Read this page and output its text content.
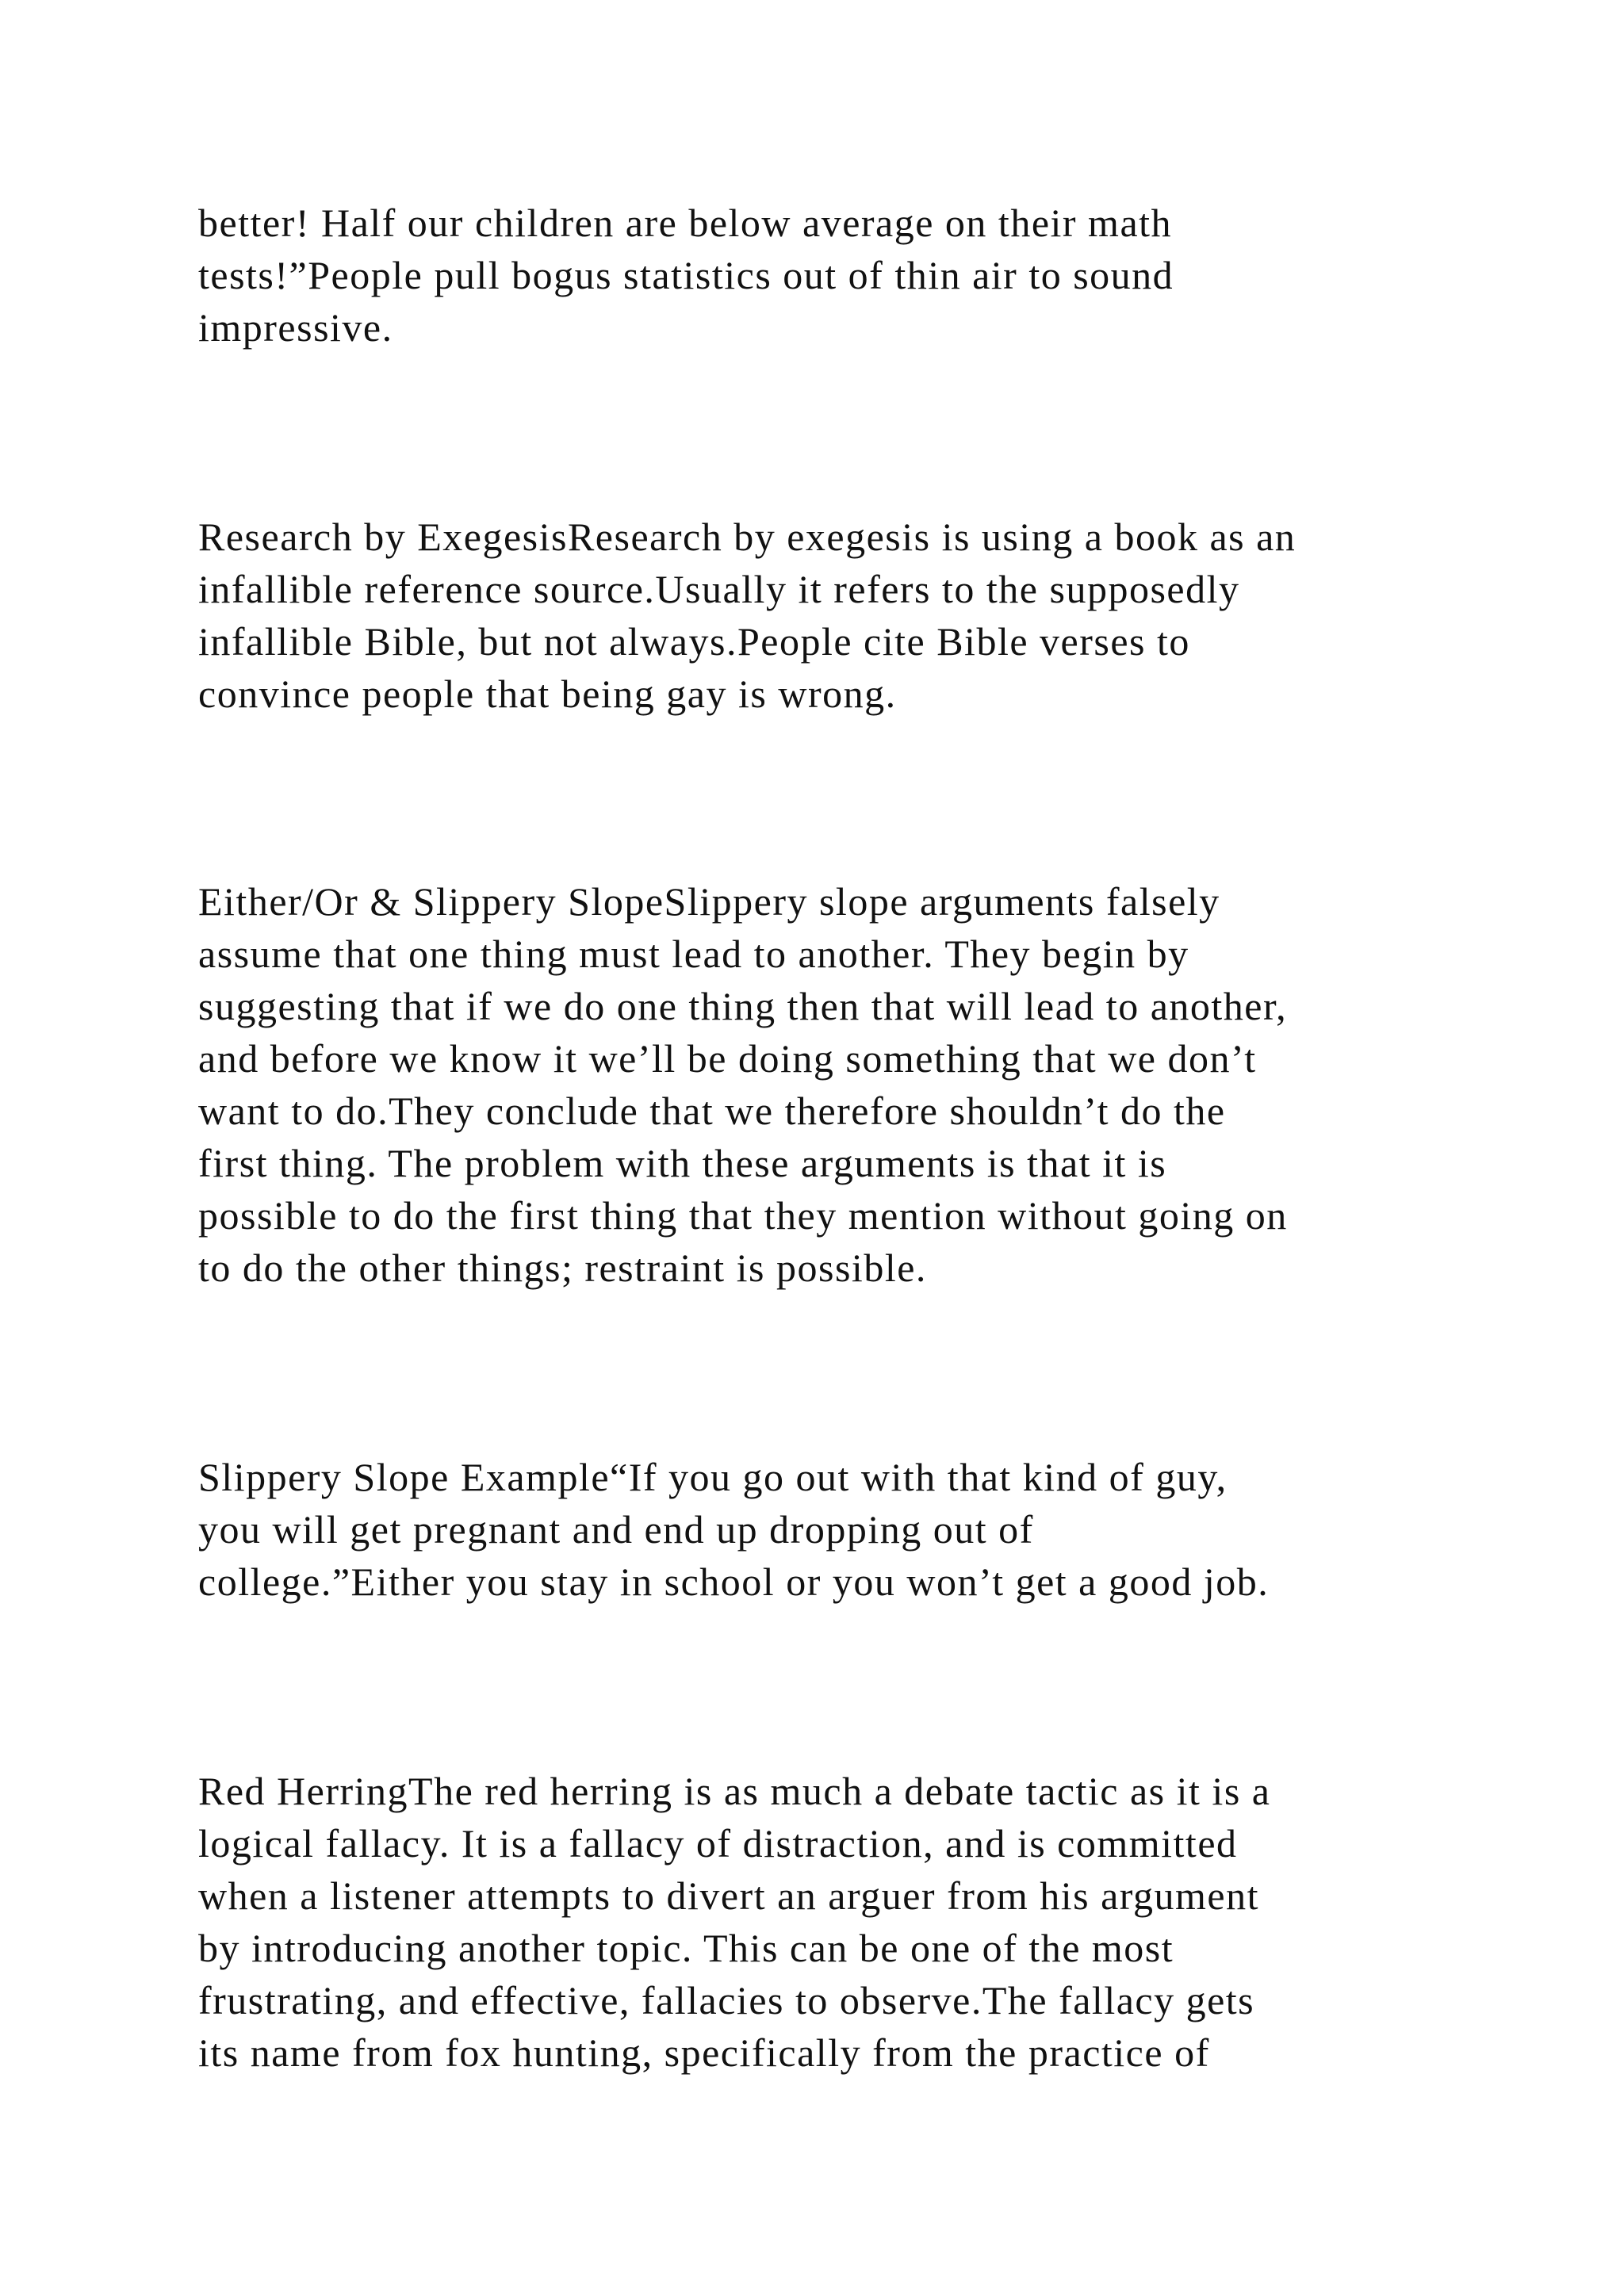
better! Half our children are below average on their math
tests!”People pull bogus statistics out of thin air to sound
impressive.
Research by ExegesisResearch by exegesis is using a book as an
infallible reference source.Usually it refers to the supposedly
infallible Bible, but not always.People cite Bible verses to
convince people that being gay is wrong.
Either/Or & Slippery SlopeSlippery slope arguments falsely
assume that one thing must lead to another. They begin by
suggesting that if we do one thing then that will lead to another,
and before we know it we’ll be doing something that we don’t
want to do.They conclude that we therefore shouldn’t do the
first thing. The problem with these arguments is that it is
possible to do the first thing that they mention without going on
to do the other things; restraint is possible.
Slippery Slope Example“If you go out with that kind of guy,
you will get pregnant and end up dropping out of
college.”Either you stay in school or you won’t get a good job.
Red HerringThe red herring is as much a debate tactic as it is a
logical fallacy. It is a fallacy of distraction, and is committed
when a listener attempts to divert an arguer from his argument
by introducing another topic. This can be one of the most
frustrating, and effective, fallacies to observe.The fallacy gets
its name from fox hunting, specifically from the practice of
